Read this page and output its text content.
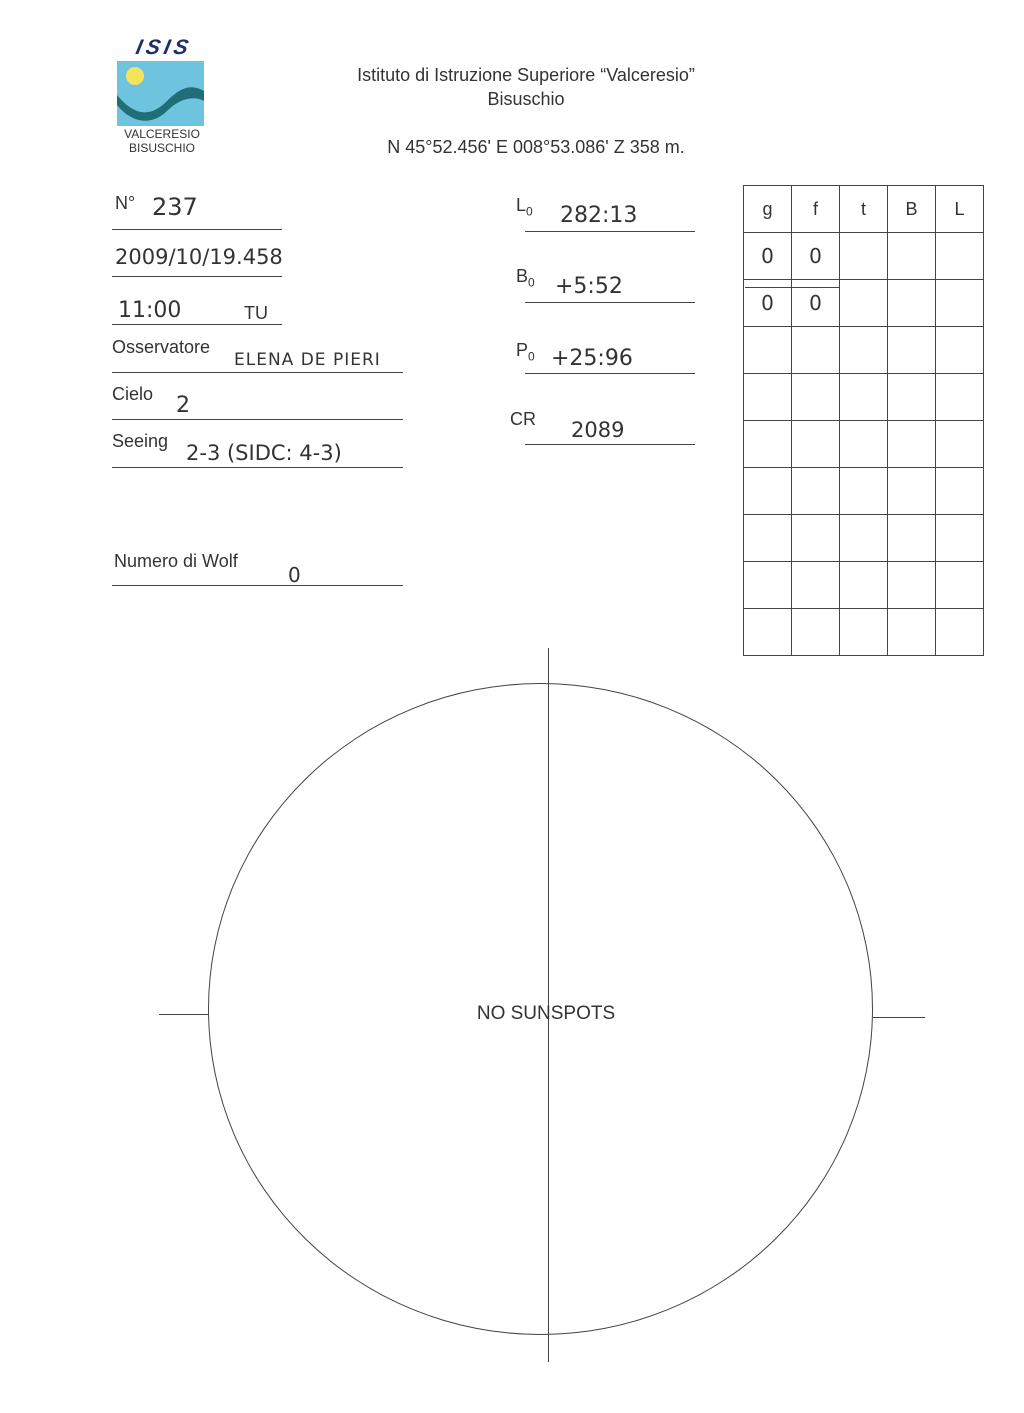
ISIS
VALCERESIO
BISUSCHIO
Istituto di Istruzione Superiore “Valceresio”
Bisuschio
N 45°52.456' E 008°53.086' Z 358 m.
N° 237
2009/10/19.458
11:00	TU
Osservatore
ELENA DE PIERI
Cielo 2
Seeing 2-3 (SIDC: 4-3)
Numero di Wolf
0
$L_0$ 282:13
$B_0$ +5:52
$P_0$ +25:96
CR 2089
g	f	t	B	L
0	0			
0	0			

NO SUNSPOTS
